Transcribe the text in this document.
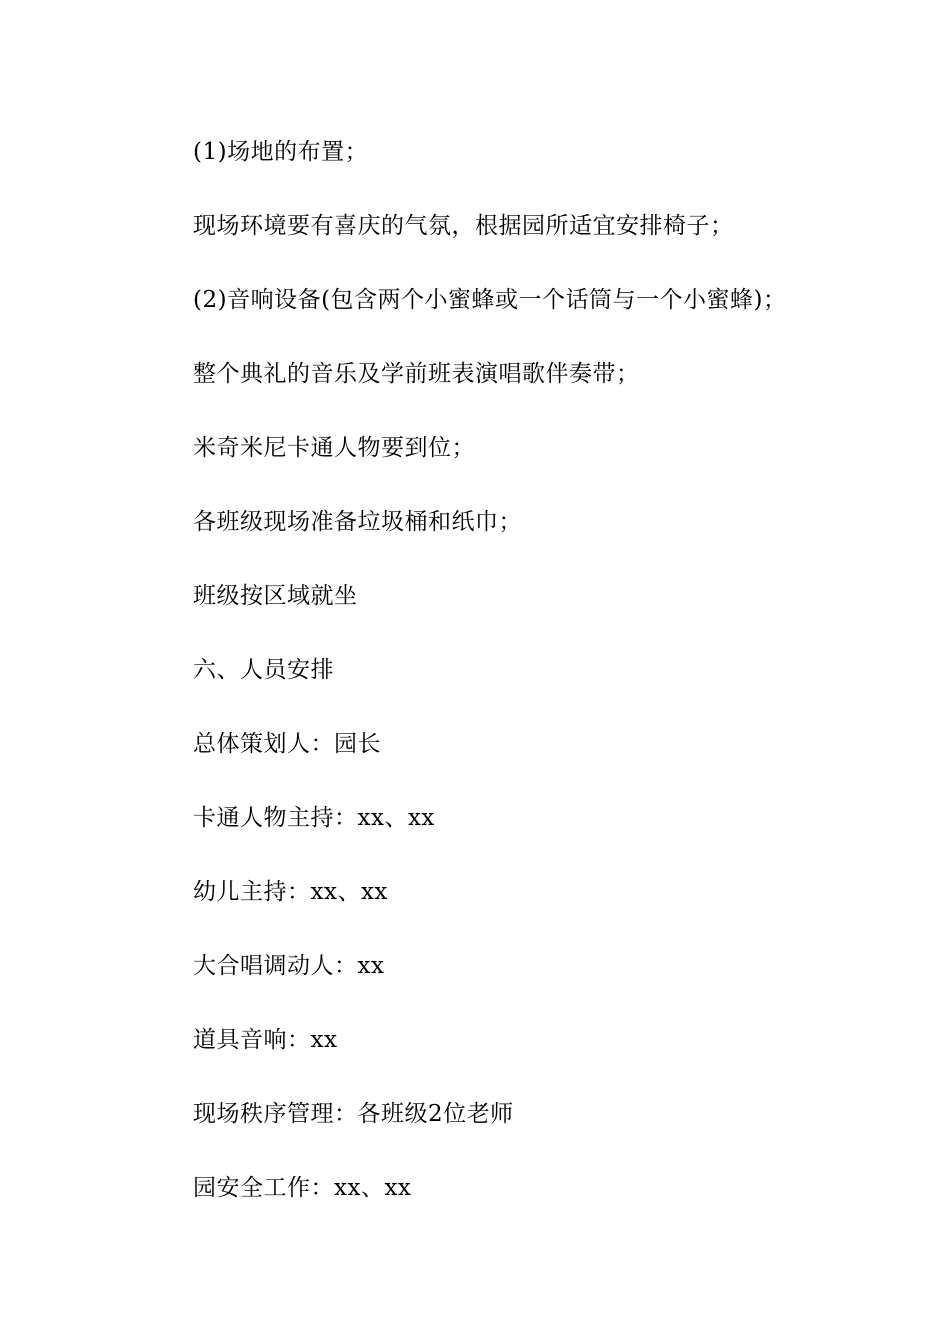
(1)场地的布置；

现场环境要有喜庆的气氛，根据园所适宜安排椅子；

(2)音响设备(包含两个小蜜蜂或一个话筒与一个小蜜蜂)；

整个典礼的音乐及学前班表演唱歌伴奏带；

米奇米尼卡通人物要到位；

各班级现场准备垃圾桶和纸巾；

班级按区域就坐

六、人员安排

总体策划人：园长

卡通人物主持：xx、xx

幼儿主持：xx、xx

大合唱调动人：xx

道具音响：xx

现场秩序管理：各班级2位老师

园安全工作：xx、xx
